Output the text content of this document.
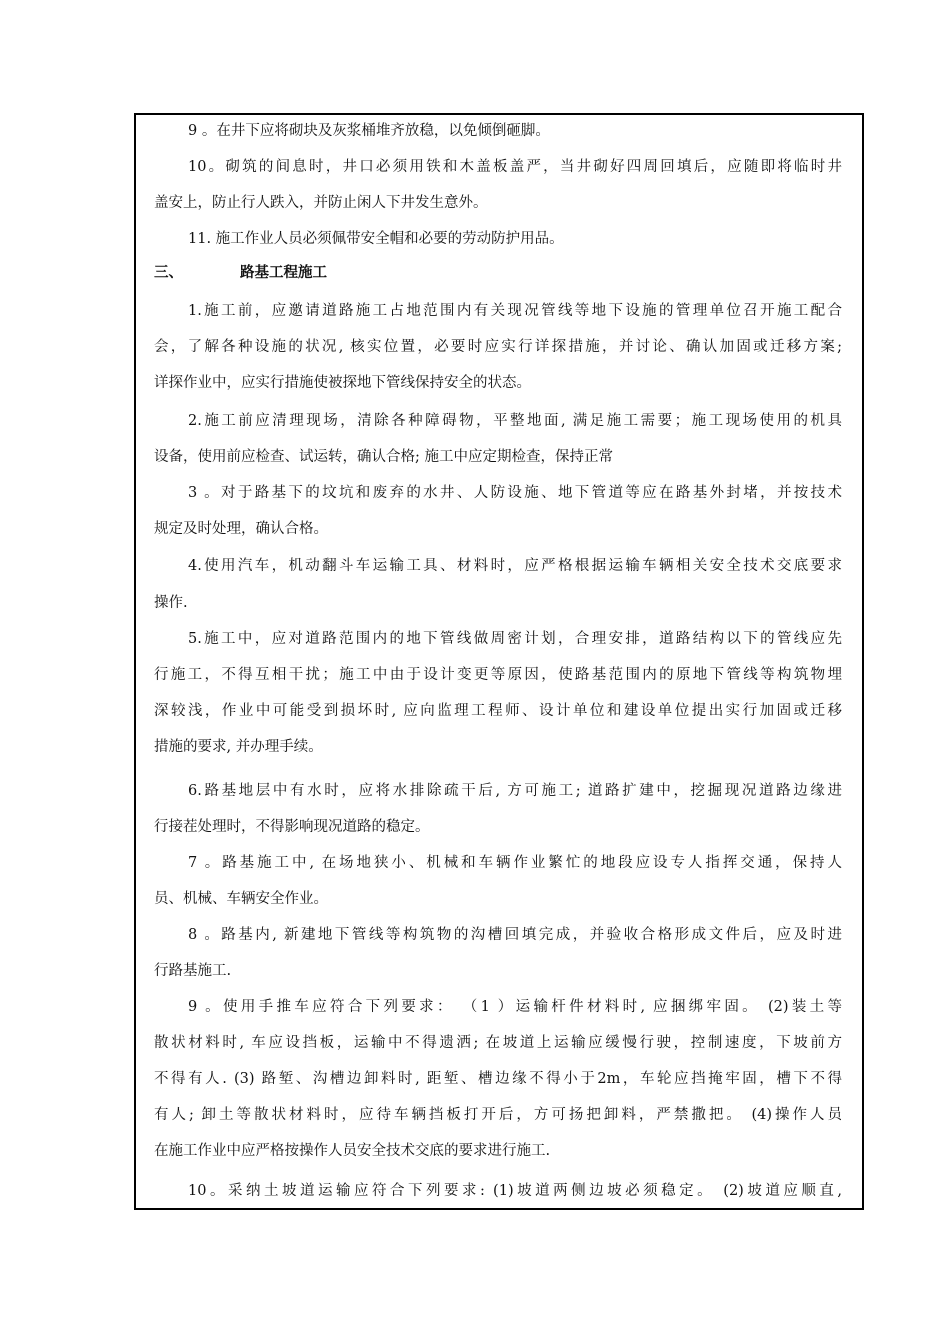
三、	路基工程施工
9 。在井下应将砌块及灰浆桶堆齐放稳，以免倾倒砸脚。
10。砌筑的间息时，井口必须用铁和木盖板盖严，当井砌好四周回填后，应随即将临时井
盖安上，防止行人跌入，并防止闲人下井发生意外。
11. 施工作业人员必须佩带安全帽和必要的劳动防护用品。
1.施工前，应邀请道路施工占地范围内有关现况管线等地下设施的管理单位召开施工配合
会，了解各种设施的状况, 核实位置，必要时应实行详探措施，并讨论、确认加固或迁移方案;
详探作业中，应实行措施使被探地下管线保持安全的状态。
2.施工前应清理现场，清除各种障碍物，平整地面, 满足施工需要；施工现场使用的机具
设备，使用前应检查、试运转，确认合格; 施工中应定期检查，保持正常
3 。对于路基下的坟坑和废弃的水井、人防设施、地下管道等应在路基外封堵，并按技术
规定及时处理，确认合格。
4.使用汽车，机动翻斗车运输工具、材料时，应严格根据运输车辆相关安全技术交底要求
操作.
5.施工中，应对道路范围内的地下管线做周密计划，合理安排，道路结构以下的管线应先
行施工，不得互相干扰；施工中由于设计变更等原因，使路基范围内的原地下管线等构筑物埋
深较浅，作业中可能受到损坏时, 应向监理工程师、设计单位和建设单位提出实行加固或迁移
措施的要求, 并办理手续。
6.路基地层中有水时，应将水排除疏干后, 方可施工; 道路扩建中，挖掘现况道路边缘进
行接茬处理时，不得影响现况道路的稳定。
7 。路基施工中, 在场地狭小、机械和车辆作业繁忙的地段应设专人指挥交通，保持人
员、机械、车辆安全作业。
8 。路基内, 新建地下管线等构筑物的沟槽回填完成，并验收合格形成文件后，应及时进
行路基施工.
9 。使用手推车应符合下列要求： （1 ）运输杆件材料时, 应捆绑牢固。 (2)装土等
散状材料时, 车应设挡板，运输中不得遗洒; 在坡道上运输应缓慢行驶，控制速度，下坡前方
不得有人. (3) 路堑、沟槽边卸料时, 距堑、槽边缘不得小于2m，车轮应挡掩牢固，槽下不得
有人; 卸土等散状材料时，应待车辆挡板打开后，方可扬把卸料，严禁撒把。 (4)操作人员
在施工作业中应严格按操作人员安全技术交底的要求进行施工.
10。采纳土坡道运输应符合下列要求: (1)坡道两侧边坡必须稳定。 (2)坡道应顺直,
